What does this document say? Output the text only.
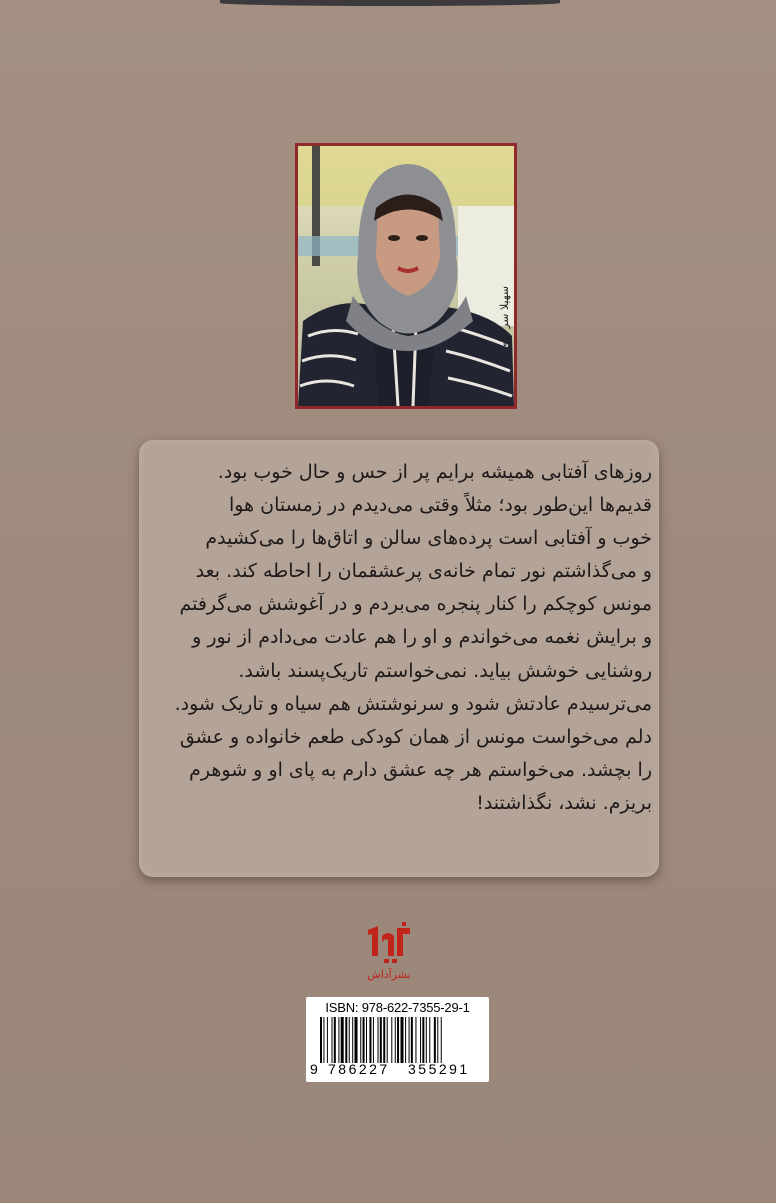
سهیلا سرحدی
روزهای آفتابی همیشه برایم پر از حس و حال خوب بود.
قدیم‌ها این‌طور بود؛ مثلاً وقتی می‌دیدم در زمستان هوا
خوب و آفتابی است پرده‌های سالن و اتاق‌ها را می‌کشیدم
و می‌گذاشتم نور تمام خانه‌ی پرعشقمان را احاطه کند. بعد
مونس کوچکم را کنار پنجره می‌بردم و در آغوشش می‌گرفتم
و برایش نغمه می‌خواندم و او را هم عادت می‌دادم از نور و
روشنایی خوشش بیاید. نمی‌خواستم تاریک‌پسند باشد.
می‌ترسیدم عادتش شود و سرنوشتش هم سیاه و تاریک شود.
دلم می‌خواست مونس از همان کودکی طعم خانواده و عشق
را بچشد. می‌خواستم هر چه عشق دارم به پای او و شوهرم
بریزم. نشد، نگذاشتند!
نشرآداش
ISBN: 978-622-7355-29-1
9 786227 355291
